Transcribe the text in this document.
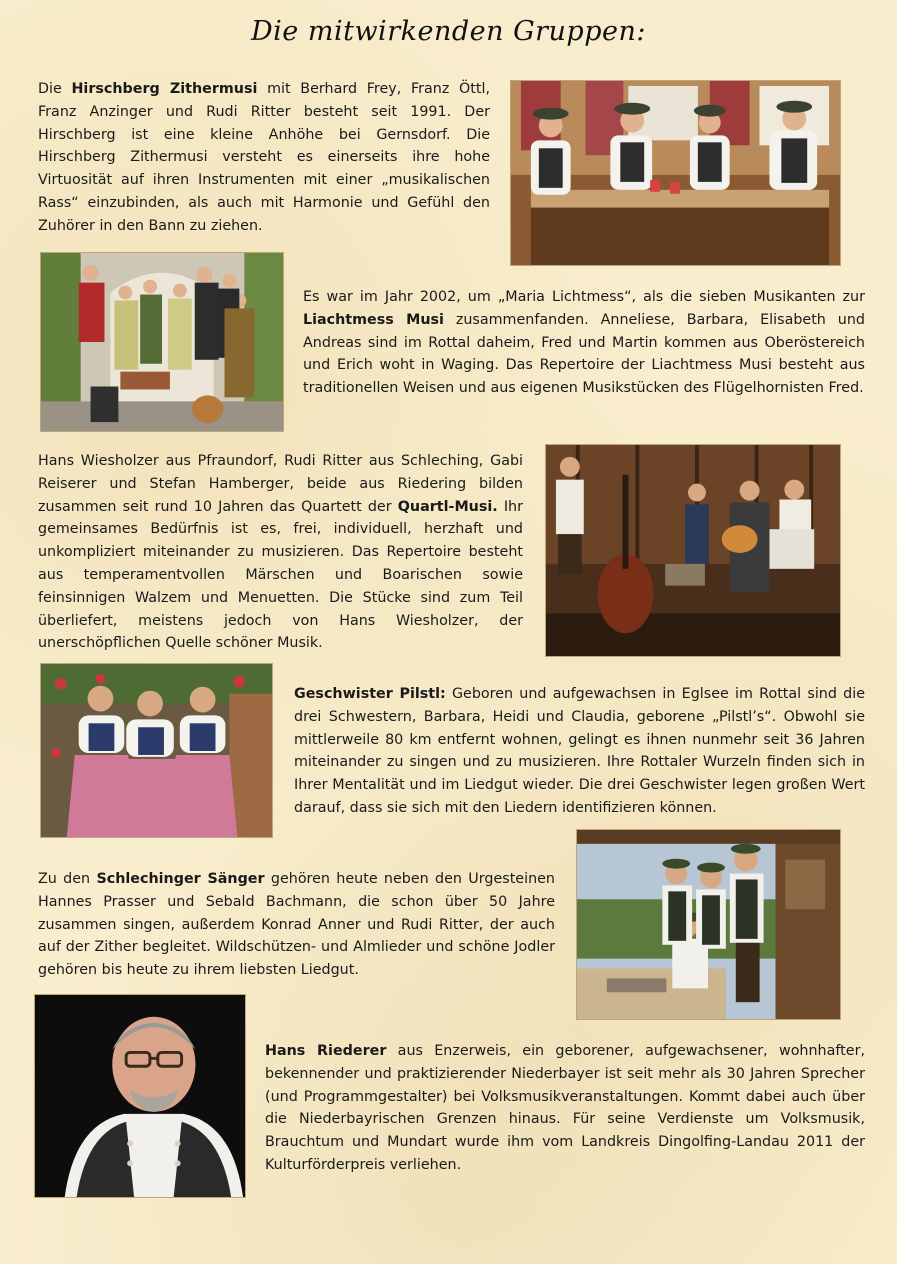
Die mitwirkenden Gruppen:

Die Hirschberg Zithermusi mit Berhard Frey, Franz Öttl, Franz Anzinger und Rudi Ritter besteht seit 1991. Der Hirschberg ist eine kleine Anhöhe bei Gernsdorf. Die Hirschberg Zithermusi versteht es einerseits ihre hohe Virtuosität auf ihren Instrumenten mit einer „musikalischen Rass“ einzubinden, als auch mit Harmonie und Gefühl den Zuhörer in den Bann zu ziehen.

Es war im Jahr 2002, um „Maria Lichtmess“, als die sieben Musikanten zur Liachtmess Musi zusammenfanden. Anneliese, Barbara, Elisabeth und Andreas sind im Rottal daheim, Fred und Martin kommen aus Oberöstereich und Erich woht in Waging. Das Repertoire der Liachtmess Musi besteht aus traditionellen Weisen und aus eigenen Musikstücken des Flügelhornisten Fred.

Hans Wiesholzer aus Pfraundorf, Rudi Ritter aus Schleching, Gabi Reiserer und Stefan Hamberger, beide aus Riedering bilden zusammen seit rund 10 Jahren das Quartett der Quartl-Musi. Ihr gemeinsames Bedürfnis ist es, frei, individuell, herzhaft und unkompliziert miteinander zu musizieren. Das Repertoire besteht aus temperamentvollen Märschen und Boarischen sowie feinsinnigen Walzem und Menuetten. Die Stücke sind zum Teil überliefert, meistens jedoch von Hans Wiesholzer, der unerschöpflichen Quelle schöner Musik.

Geschwister Pilstl: Geboren und aufgewachsen in Eglsee im Rottal sind die drei Schwestern, Barbara, Heidi und Claudia, geborene „Pilstl’s“. Obwohl sie mittlerweile 80 km entfernt wohnen, gelingt es ihnen nunmehr seit 36 Jahren miteinander zu singen und zu musizieren. Ihre Rottaler Wurzeln finden sich in Ihrer Mentalität und im Liedgut wieder. Die drei Geschwister legen großen Wert darauf, dass sie sich mit den Liedern identifizieren können.

Zu den Schlechinger Sänger gehören heute neben den Urgesteinen Hannes Prasser und Sebald Bachmann, die schon über 50 Jahre zusammen singen, außerdem Konrad Anner und Rudi Ritter, der auch auf der Zither begleitet. Wildschützen- und Almlieder und schöne Jodler gehören bis heute zu ihrem liebsten Liedgut.

Hans Riederer aus Enzerweis, ein geborener, aufgewachsener, wohnhafter, bekennender und praktizierender Niederbayer ist seit mehr als 30 Jahren Sprecher (und Programmgestalter) bei Volksmusikveranstaltungen. Kommt dabei auch über die Niederbayrischen Grenzen hinaus. Für seine Verdienste um Volksmusik, Brauchtum und Mundart wurde ihm vom Landkreis Dingolfing-Landau 2011 der Kulturförderpreis verliehen.
